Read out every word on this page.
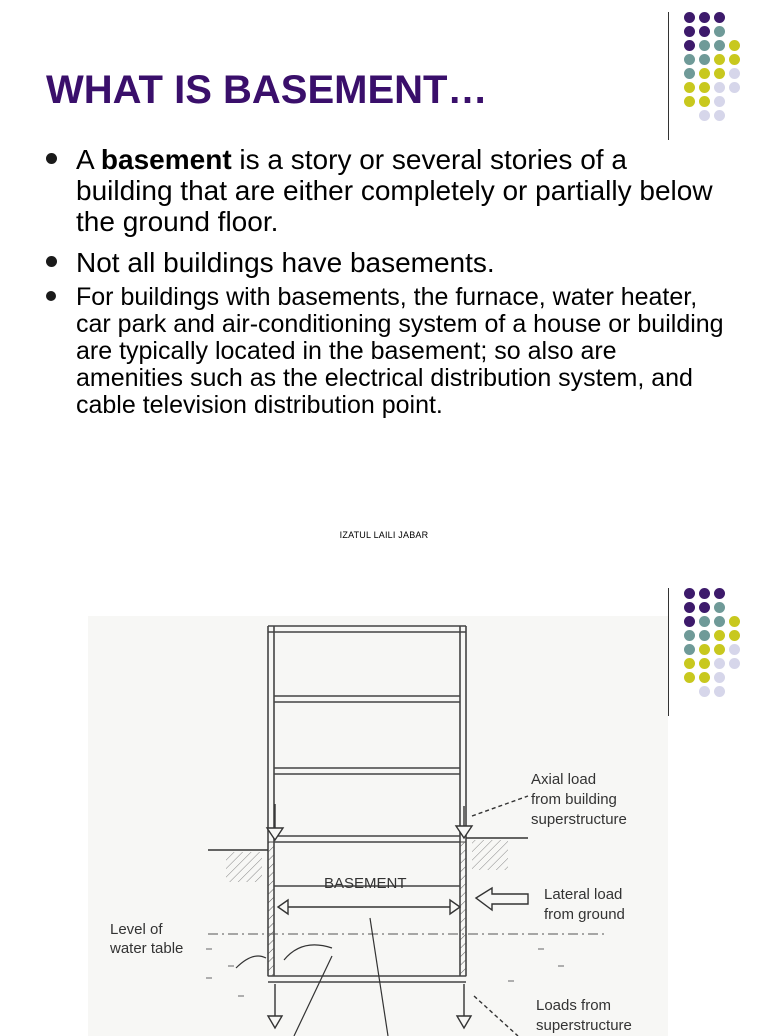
WHAT IS BASEMENT…
A basement is a story or several stories of a building that are either completely or partially below the ground floor.
Not all buildings have basements.
For buildings with basements, the furnace, water heater, car park and air-conditioning system of a house or building are typically located in the basement; so also are amenities such as the electrical distribution system, and cable television distribution point.
IZATUL LAILI JABAR
BASEMENT
Axial load
from building
superstructure
Lateral load
from ground
Level of
water table
Loads from
superstructure
